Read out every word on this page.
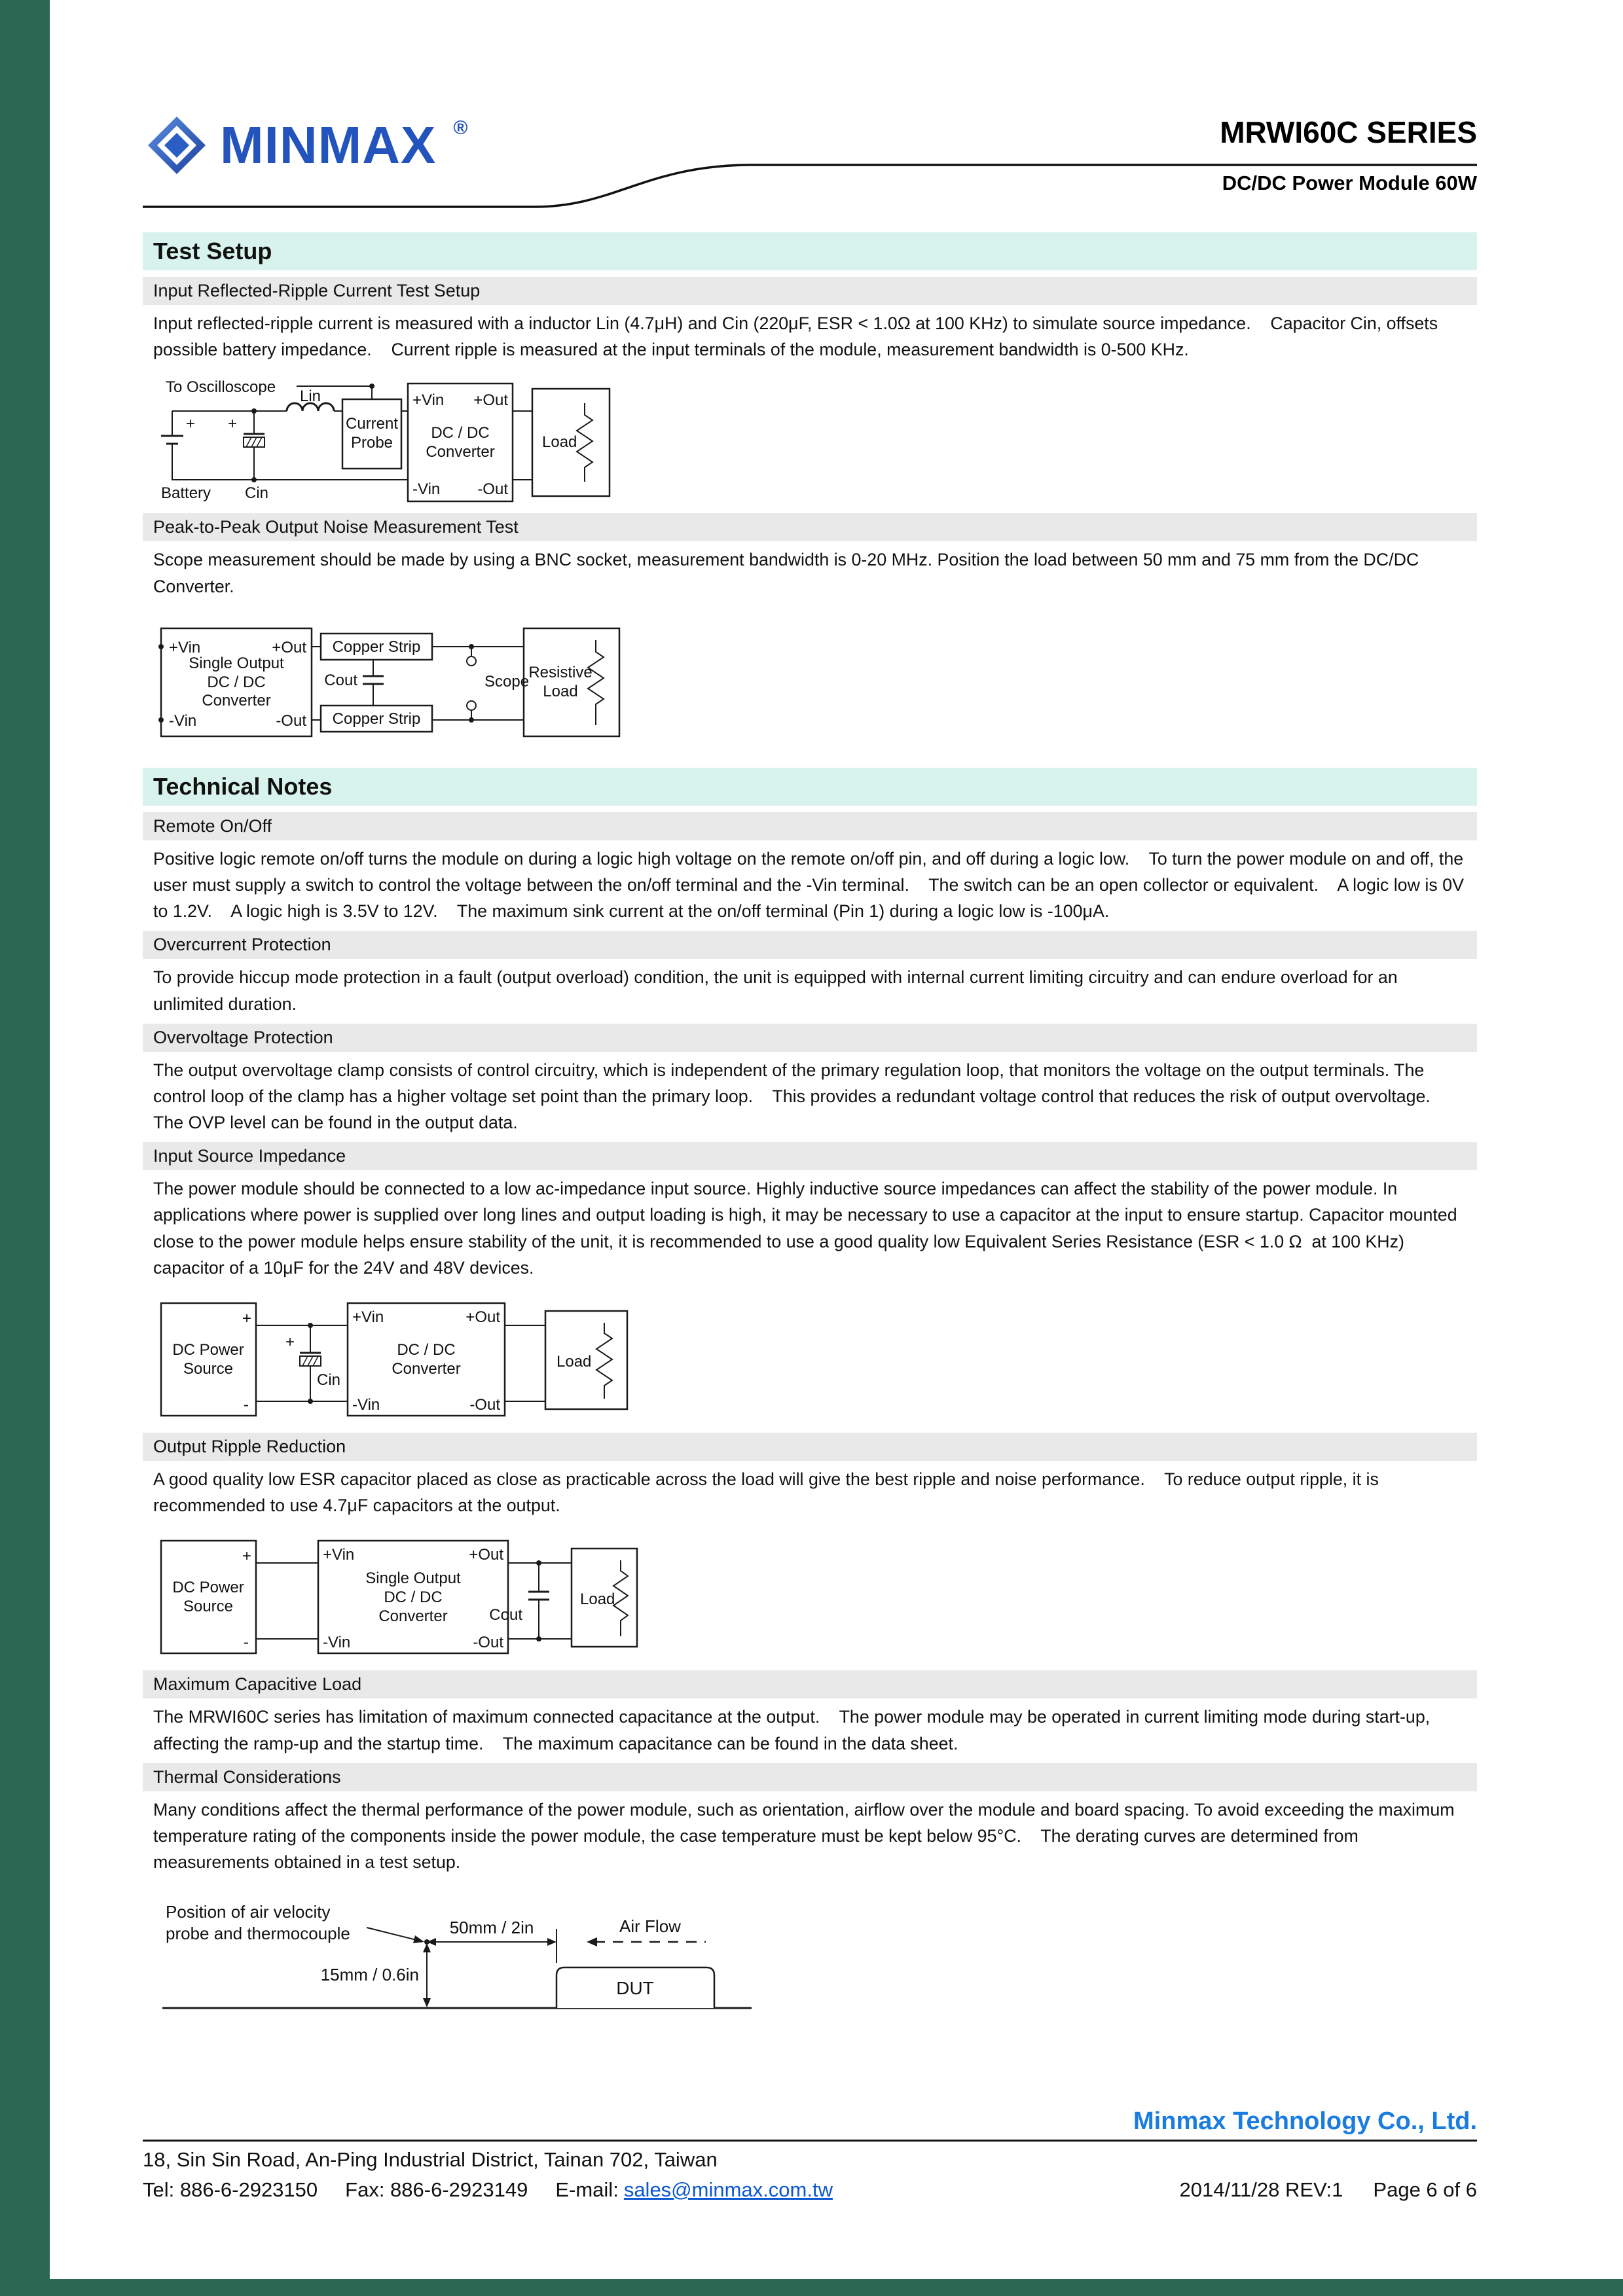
MINMAX ®	MRWI60C SERIES
DC/DC Power Module 60W
Test Setup
Input Reflected-Ripple Current Test Setup
Input reflected-ripple current is measured with a inductor Lin (4.7μH) and Cin (220μF, ESR < 1.0Ω at 100 KHz) to simulate source impedance.    Capacitor Cin, offsets possible battery impedance.    Current ripple is measured at the input terminals of the module, measurement bandwidth is 0-500 KHz.
To Oscilloscope
+ +
Lin
Current
Probe
DC / DC
Converter
+Vin +Out
-Vin -Out
Load
Battery Cin
Peak-to-Peak Output Noise Measurement Test
Scope measurement should be made by using a BNC socket, measurement bandwidth is 0-20 MHz. Position the load between 50 mm and 75 mm from the DC/DC Converter.
+Vin	+Out
-Vin	-Out
Single Output
DC / DC
Converter
Copper Strip
Copper Strip
Cout	Scope
Resistive
Load
Technical Notes
Remote On/Off
Positive logic remote on/off turns the module on during a logic high voltage on the remote on/off pin, and off during a logic low.    To turn the power module on and off, the user must supply a switch to control the voltage between the on/off terminal and the -Vin terminal.    The switch can be an open collector or equivalent.    A logic low is 0V to 1.2V.    A logic high is 3.5V to 12V.    The maximum sink current at the on/off terminal (Pin 1) during a logic low is -100μA.
Overcurrent Protection
To provide hiccup mode protection in a fault (output overload) condition, the unit is equipped with internal current limiting circuitry and can endure overload for an unlimited duration.
Overvoltage Protection
The output overvoltage clamp consists of control circuitry, which is independent of the primary regulation loop, that monitors the voltage on the output terminals. The control loop of the clamp has a higher voltage set point than the primary loop.    This provides a redundant voltage control that reduces the risk of output overvoltage.    The OVP level can be found in the output data.
Input Source Impedance
The power module should be connected to a low ac-impedance input source. Highly inductive source impedances can affect the stability of the power module. In applications where power is supplied over long lines and output loading is high, it may be necessary to use a capacitor at the input to ensure startup. Capacitor mounted close to the power module helps ensure stability of the unit, it is recommended to use a good quality low Equivalent Series Resistance (ESR < 1.0 Ω  at 100 KHz) capacitor of a 10μF for the 24V and 48V devices.
DC Power
Source
+
-
+
Cin
DC / DC
Converter
+Vin	+Out
-Vin	-Out
Load
Output Ripple Reduction
A good quality low ESR capacitor placed as close as practicable across the load will give the best ripple and noise performance.    To reduce output ripple, it is recommended to use 4.7μF capacitors at the output.
DC Power
Source
+
-
Single Output
DC / DC
Converter
+Vin	+Out
-Vin	-Out
Cout
Load
Maximum Capacitive Load
The MRWI60C series has limitation of maximum connected capacitance at the output.    The power module may be operated in current limiting mode during start-up, affecting the ramp-up and the startup time.    The maximum capacitance can be found in the data sheet.
Thermal Considerations
Many conditions affect the thermal performance of the power module, such as orientation, airflow over the module and board spacing. To avoid exceeding the maximum temperature rating of the components inside the power module, the case temperature must be kept below 95°C.    The derating curves are determined from measurements obtained in a test setup.
Position of air velocity
probe and thermocouple	50mm / 2in	Air Flow
15mm / 0.6in
DUT
Minmax Technology Co., Ltd.
18, Sin Sin Road, An-Ping Industrial District, Tainan 702, Taiwan
Tel: 886-6-2923150 Fax: 886-6-2923149 E-mail: sales@minmax.com.tw	2014/11/28 REV:1 Page 6 of 6
